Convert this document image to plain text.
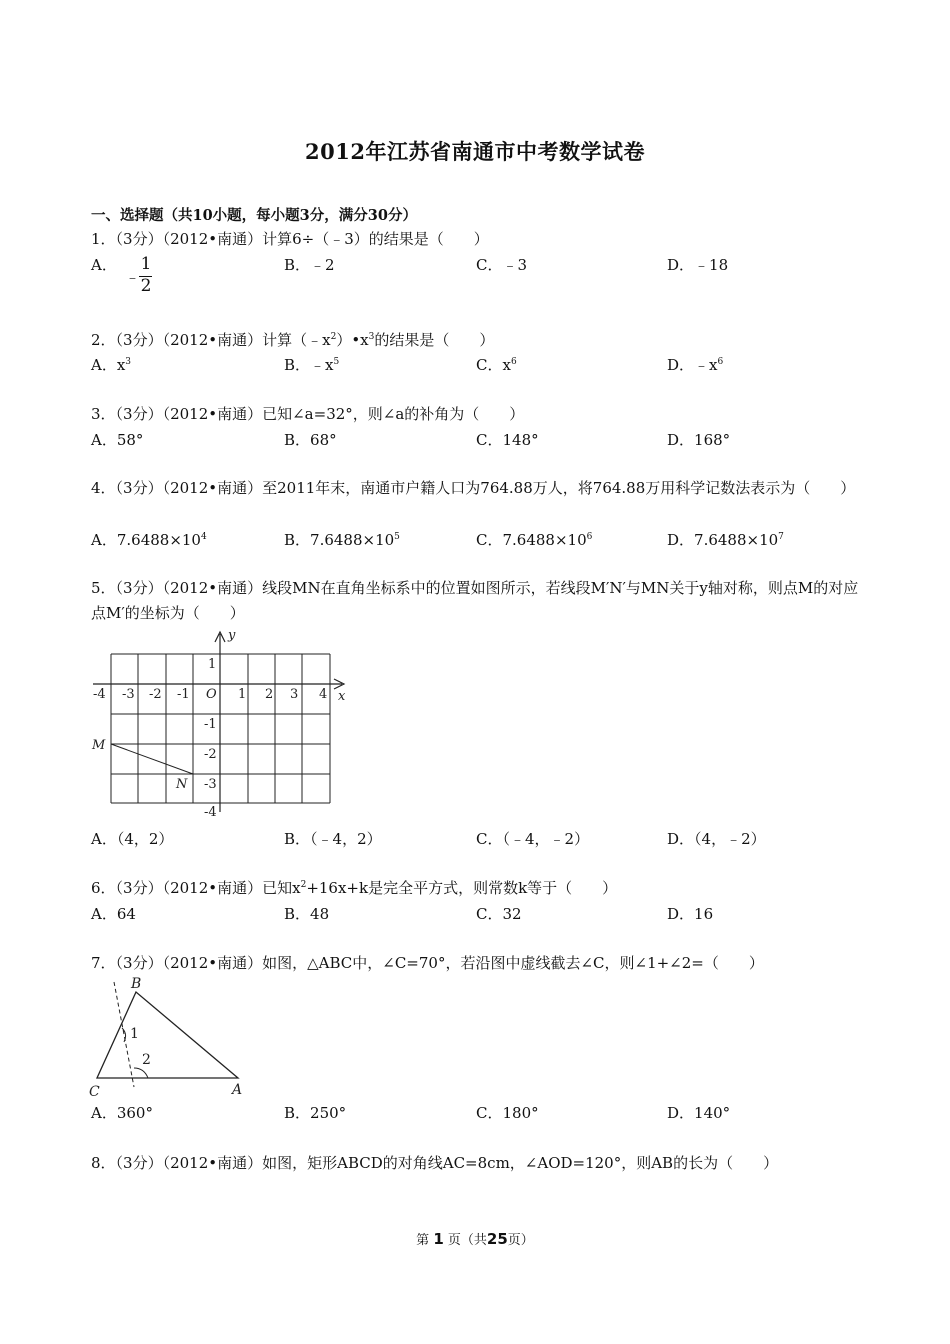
2012年江苏省南通市中考数学试卷
一、选择题（共10小题，每小题3分，满分30分）
1．（3分）（2012•南通）计算6÷（﹣3）的结果是（　　）
A．
﹣
1
2
B．﹣2	C．﹣3	D．﹣18
2．（3分）（2012•南通）计算$(﹣x^2)•x^3$的结果是（　　）
A．$x^3$	B．$﹣x^5$	C．$x^6$	D．$﹣x^6$
3．（3分）（2012•南通）已知∠a=32°，则∠a的补角为（　　）
A．58°	B．68°	C．148°	D．168°
4．（3分）（2012•南通）至2011年末，南通市户籍人口为764.88万人，将764.88万用科学记数法表示为（　　）
A．$7.6488\times 10^4$	B．$7.6488\times 10^5$	C．$7.6488\times 10^6$	D．$7.6488\times 10^7$
5．（3分）（2012•南通）线段MN在直角坐标系中的位置如图所示，若线段M′N′与MN关于y轴对称，则点M的对应点M′的坐标为（　　）
y
x
O
M
N
-4 -3 -2 -1	1 2 3 4
1
-1
-2
-3
-4
A．（4，2）	B．（﹣4，2）	C．（﹣4，﹣2）	D．（4，﹣2）
6．（3分）（2012•南通）已知$x^2+16x+k$是完全平方式，则常数k等于（　　）
A．64	B．48	C．32	D．16
7．（3分）（2012•南通）如图，△ABC中，∠C=70°，若沿图中虚线截去∠C，则∠1+∠2=（　　）
B
C	A
1
2
A．360°	B．250°	C．180°	D．140°
8．（3分）（2012•南通）如图，矩形ABCD的对角线AC=8cm，∠AOD=120°，则AB的长为（　　）
第 1 页（共25页）
